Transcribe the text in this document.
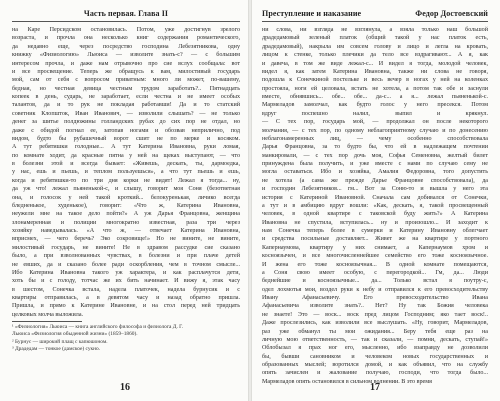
Часть первая. Глава II
на Каре Персидском остановилась. Потом, уже достигнув зрелого
возраста, и прочла она несколько книг содержания романтического,
да недавно еще, через посредство господина Лебезятникова, одну
книжку «Физиологию» Льюиса — изволите знать-с? — с большим
интересом прочла, и даже нам отрывочно про сие вслух сообщала: вот
и все просвещение. Теперь же обращусь к вам, милостивый государь
мой, сам от себя с вопросом приватным: много ли может, по-вашему,
бедная, но честная девица честным трудом заработать?.. Пятнадцать
копеек в день, сударь, не заработает, если честна и не имеет особых
талантов, да и то рук не покладая работавши! Да и то статский
советник Клопшток, Иван Иванович, — изволили слышать? — не только
денег за шитье полдюжины голландских рубах до сих пор не отдал, но
даже с обидой погнал ее, затопав ногами и обозвав неприлично, под
видом, будто бы рубашечный ворот сшит не по мерке и косяком.
А тут ребятишки голодные... А тут Катерина Ивановна, руки ломая,
по комнате ходит, да красные пятна у ней на щеках выступают, — что
в болезни этой и всегда бывает: «Живешь, дескать, ты, дармоедка,
у нас, ешь и пьешь, и теплом пользуешься», а что тут пьешь и ешь,
когда и ребятишки-то по три дня корки не видят! Лежал я тогда... ну,
да уж что! лежал пьяненькой-с, и слышу, говорит моя Соня (безответная
она, и голосок у ней такой кроткий... белокуренькая, личико всегда
бледненькое, худенькое), говорит: «Что ж, Катерина Ивановна,
неужели мне на такое дело пойти?» А уж Дарья Францовна, женщина
злонамеренная и полиции многократно известная, раза три через
хозяйку наведывалась. «А что ж, — отвечает Катерина Ивановна,
вприсмех, — чего беречь? Эко сокровище!» Но не вините, не вините,
милостивый государь, не вините! Не в здравом рассудке сие сказано
было, а при взволнованных чувствах, в болезни и при плаче детей
не евших, да и сказано более ради оскорбления, чем в точном смысле...
Ибо Катерина Ивановна такого уж характера, и как расплачутся дети,
хоть бы и с голоду, тотчас же их бить начинает. И вижу я, этак часу
в шестом, Сонечка встала, надела платочек, надела бурнусик и с
квартиры отправилась, а в девятом часу и назад обратно пришла.
Пришла, и прямо к Катерине Ивановне, и на стол перед ней тридцать
целковых молча выложила.
¹ «Физиология» Льюиса — книга английского философа и физиолога Д. Г.
Льюиса «Физиология обыденной жизни» (1859–1860).
² Бурнус — широкий плащ с капюшоном.
³ Драдедам — тонкое (дамское) сукно.
16
Преступление и наказание	Федор Достоевский
ни слова, ни взгляда не взглянула, а взяла только наш большой
драдедамовый зеленый платок (общий такой у нас платок есть,
драдедамовый), накрыла им совсем голову и лицо и легла на кровать,
лицом к стенке, только плечики да тело все вздрагивают... А я, как
и давеча, в том же виде лежал-с... И видел я тогда, молодой человек,
видел я, как затем Катерина Ивановна, также ни слова не говоря,
подошла к Сонечкиной постельке и весь вечер в ногах у ней на коленках
простояла, ноги ей целовала, встать не хотела, а потом так обе и заснули
вместе, обнявшись... обе... обе... да-с... а я... лежал пьяненькой-с.
Мармеладов замолчал, как будто голос у него пресекся. Потом
вдруг поспешно налил, выпил и крякнул.
— С тех пор, государь мой, — продолжал он после некоторого
молчания, — с тех пор, по одному неблагоприятному случаю и по донесению
неблагонамеренных лиц, — чему особенно способствовала
Дарья Францовна, за то будто бы, что ей в надлежащем почтении
манкировали, — с тех пор дочь моя, Софья Семеновна, желтый билет
принуждена была получить, и уже вместе с нами по случаю сему не
могла оставаться. Ибо и хозяйка, Амалия Федоровна, того допустить
не хотела (а сама же прежде Дарье Францовне способствовала), да
и господин Лебезятников... гм... Вот за Соню-то и вышла у него эта
история с Катериной Ивановной. Сначала сам добивался от Сонечки,
а тут и в амбицию вдруг вошли: «Как, дескать, я, такой просвещенный
человек, в одной квартире с таковской буду жить?» А Катерина
Ивановна не спустила, вступилась... ну и произошло... И заходит к
нам Сонечка теперь более в сумерки и Катерину Ивановну облегчает
и средства посильные доставляет... Живет же на квартире у портного
Капернаумова, квартиру у них снимает, а Капернаумов хром и
косноязычен, и все многочисленнейшее семейство его тоже косноязычное.
И жена его тоже косноязычная... В одной комнате помещаются,
а Соня свою имеет особую, с перегородкой... Гм, да... Люди
беднейшие и косноязычные... да... Только встал я поутру-с,
одел лохмотья мои, воздел руки к небу и отправился к его превосходительству
Ивану Афанасьевичу. Его превосходительство Ивана
Афанасьевича изволите знать?.. Нет? Ну так Божия человека
не знаете! Это — воск... воск пред лицом Господним; яко тает воск!..
Даже прослезились, как изволили все выслушать. «Ну, говорит, Мармеладов,
раз уже обманул ты мои ожидания... Беру тебя еще раз на
личную мою ответственность, — так и сказали, — помни, дескать, ступай!»
Облобызал я прах ног его, мысленно, ибо взаправду не дозволили
бы, бывши сановником и человеком новых государственных и
образованных мыслей; воротился домой, и как объявил, что на службу
опять зачислен и жалование получаю, господи, что тогда было...
Мармеладов опять остановился в сильном волнении. В это время
17
